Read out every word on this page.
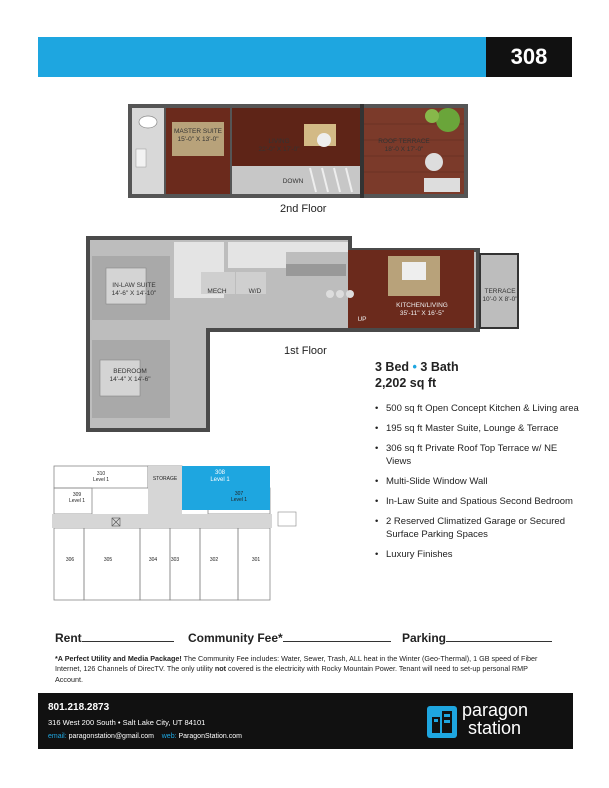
308
MASTER SUITE
15'-0" X 13'-0"	LIVING
22'-0" X 17'-0"
ROOF TERRACE
18'-0 X 17'-0"
DOWN
2nd Floor
IN-LAW SUITE
14'-6" X 14'-10"	MECH	W/D
KITCHEN/LIVING
35'-11" X 16'-5"
TERRACE
10'-0 X 8'-0"
BEDROOM
14'-4" X 14'-6"
UP
1st Floor
3 Bed • 3 Bath
2,202 sq ft
• 500 sq ft Open Concept Kitchen & Living area
• 195 sq ft Master Suite, Lounge & Terrace
• 306 sq ft Private Roof Top Terrace w/ NE Views
• Multi-Slide Window Wall
• In-Law Suite and Spatious Second Bedroom
• 2 Reserved Climatized Garage or Secured Surface Parking Spaces
• Luxury Finishes
310
Level 1	STORAGE
308
Level 1
309
Level 1
307
Level 1
306	305	304	303	302	301
Rent	Community Fee*	Parking
*A Perfect Utility and Media Package! The Community Fee includes: Water, Sewer, Trash, ALL heat in the Winter (Geo-Thermal), 1 GB speed of Fiber Internet, 126 Channels of DirecTV. The only utility not covered is the electricity with Rocky Mountain Power. Tenant will need to set-up personal RMP Account.
801.218.2873
316 West 200 South • Salt Lake City, UT 84101
email: paragonstation@gmail.com web: ParagonStation.com
paragon
station
